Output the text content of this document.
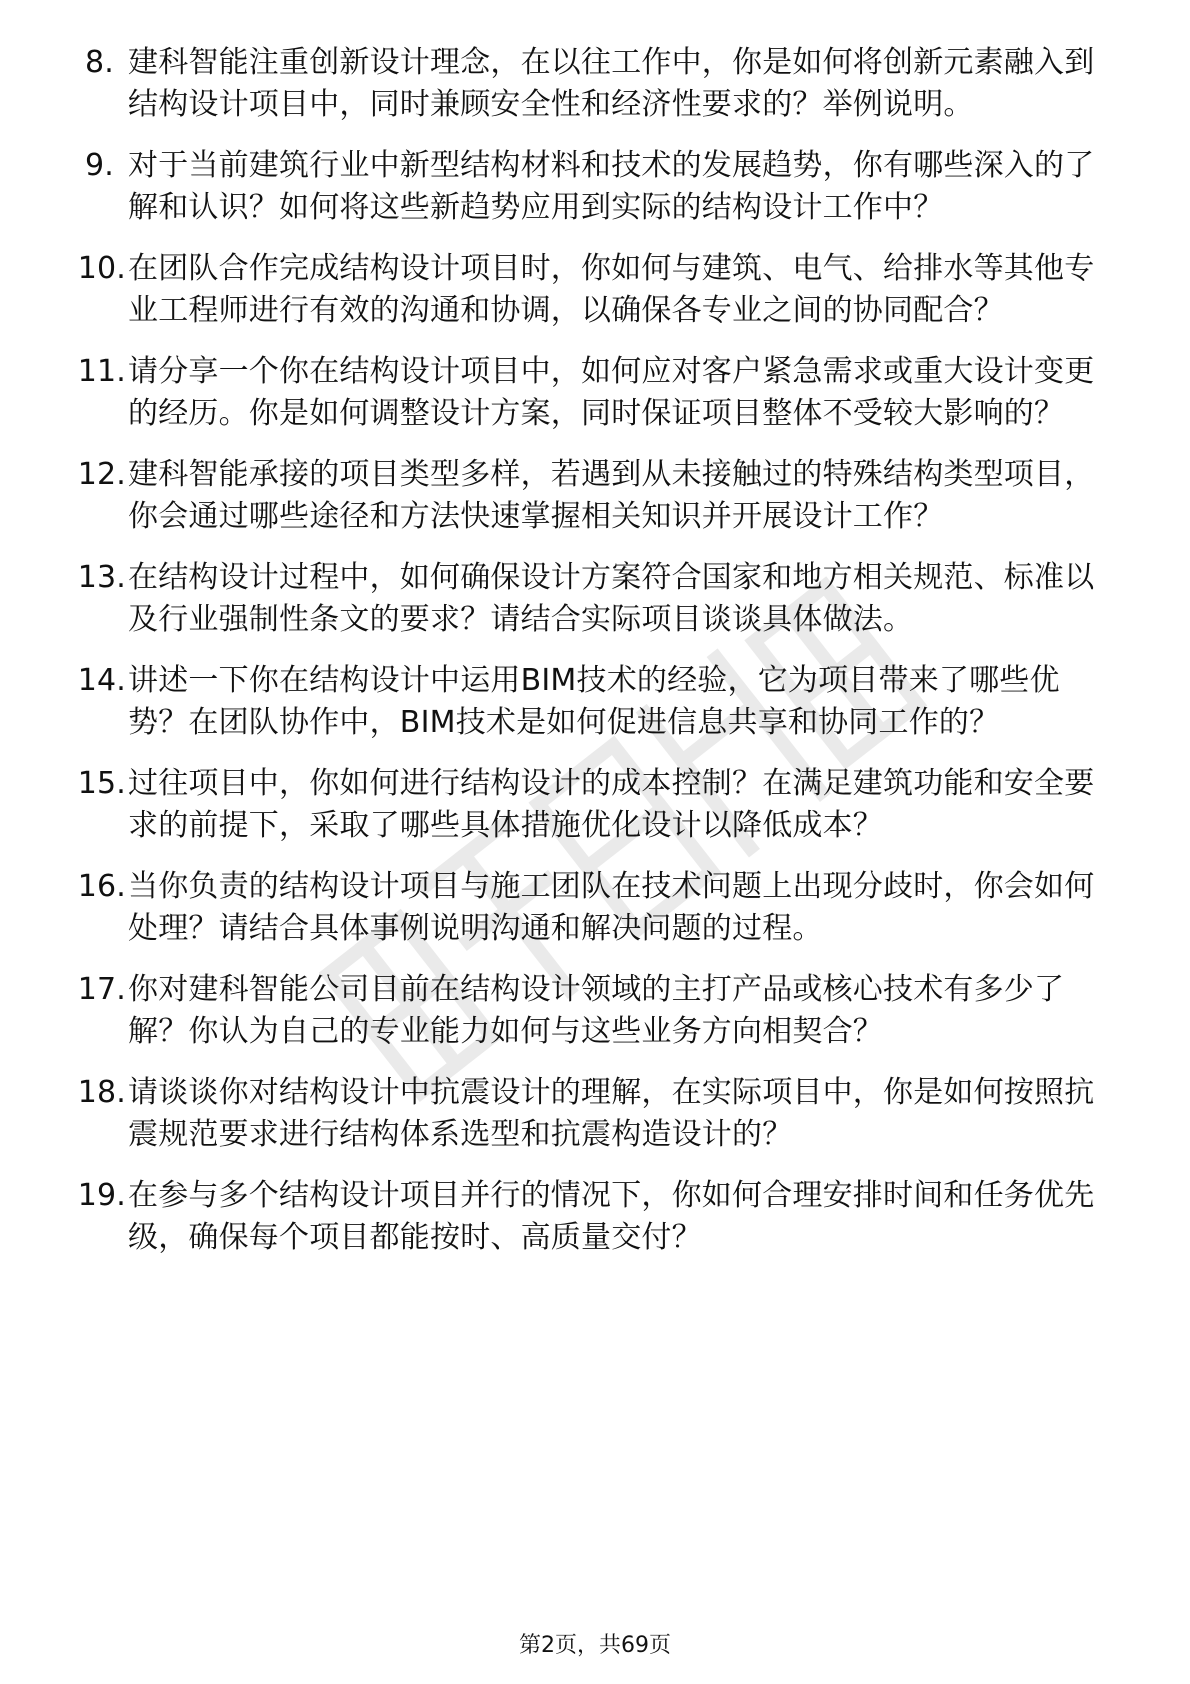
8. 建科智能注重创新设计理念，在以往工作中，你是如何将创新元素融入到结构设计项目中，同时兼顾安全性和经济性要求的？举例说明。
9. 对于当前建筑行业中新型结构材料和技术的发展趋势，你有哪些深入的了解和认识？如何将这些新趋势应用到实际的结构设计工作中？
10. 在团队合作完成结构设计项目时，你如何与建筑、电气、给排水等其他专业工程师进行有效的沟通和协调，以确保各专业之间的协同配合？
11. 请分享一个你在结构设计项目中，如何应对客户紧急需求或重大设计变更的经历。你是如何调整设计方案，同时保证项目整体不受较大影响的？
12. 建科智能承接的项目类型多样，若遇到从未接触过的特殊结构类型项目，你会通过哪些途径和方法快速掌握相关知识并开展设计工作？
13. 在结构设计过程中，如何确保设计方案符合国家和地方相关规范、标准以及行业强制性条文的要求？请结合实际项目谈谈具体做法。
14. 讲述一下你在结构设计中运用BIM技术的经验，它为项目带来了哪些优势？在团队协作中，BIM技术是如何促进信息共享和协同工作的？
15. 过往项目中，你如何进行结构设计的成本控制？在满足建筑功能和安全要求的前提下，采取了哪些具体措施优化设计以降低成本？
16. 当你负责的结构设计项目与施工团队在技术问题上出现分歧时，你会如何处理？请结合具体事例说明沟通和解决问题的过程。
17. 你对建科智能公司目前在结构设计领域的主打产品或核心技术有多少了解？你认为自己的专业能力如何与这些业务方向相契合？
18. 请谈谈你对结构设计中抗震设计的理解，在实际项目中，你是如何按照抗震规范要求进行结构体系选型和抗震构造设计的？
19. 在参与多个结构设计项目并行的情况下，你如何合理安排时间和任务优先级，确保每个项目都能按时、高质量交付？
第2页，共69页
